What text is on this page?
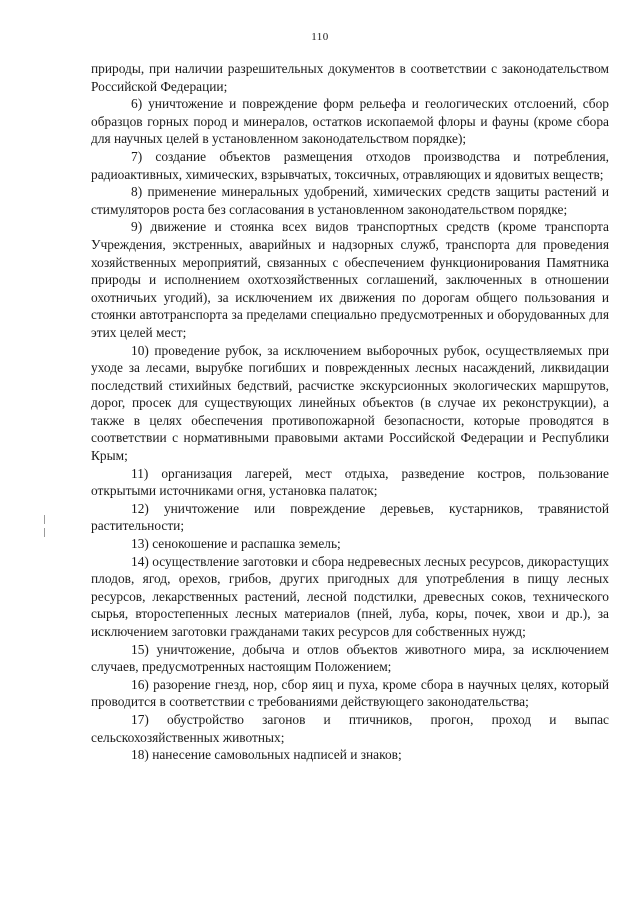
110

природы, при наличии разрешительных документов в соответствии с законодательством Российской Федерации;

6) уничтожение и повреждение форм рельефа и геологических отслоений, сбор образцов горных пород и минералов, остатков ископаемой флоры и фауны (кроме сбора для научных целей в установленном законодательством порядке);

7) создание объектов размещения отходов производства и потребления, радиоактивных, химических, взрывчатых, токсичных, отравляющих и ядовитых веществ;

8) применение минеральных удобрений, химических средств защиты растений и стимуляторов роста без согласования в установленном законодательством порядке;

9) движение и стоянка всех видов транспортных средств (кроме транспорта Учреждения, экстренных, аварийных и надзорных служб, транспорта для проведения хозяйственных мероприятий, связанных с обеспечением функционирования Памятника природы и исполнением охотхозяйственных соглашений, заключенных в отношении охотничьих угодий), за исключением их движения по дорогам общего пользования и стоянки автотранспорта за пределами специально предусмотренных и оборудованных для этих целей мест;

10) проведение рубок, за исключением выборочных рубок, осуществляемых при уходе за лесами, вырубке погибших и поврежденных лесных насаждений, ликвидации последствий стихийных бедствий, расчистке экскурсионных экологических маршрутов, дорог, просек для существующих линейных объектов (в случае их реконструкции), а также в целях обеспечения противопожарной безопасности, которые проводятся в соответствии с нормативными правовыми актами Российской Федерации и Республики Крым;

11) организация лагерей, мест отдыха, разведение костров, пользование открытыми источниками огня, установка палаток;

12) уничтожение или повреждение деревьев, кустарников, травянистой растительности;

13) сенокошение и распашка земель;

14) осуществление заготовки и сбора недревесных лесных ресурсов, дикорастущих плодов, ягод, орехов, грибов, других пригодных для употребления в пищу лесных ресурсов, лекарственных растений, лесной подстилки, древесных соков, технического сырья, второстепенных лесных материалов (пней, луба, коры, почек, хвои и др.), за исключением заготовки гражданами таких ресурсов для собственных нужд;

15) уничтожение, добыча и отлов объектов животного мира, за исключением случаев, предусмотренных настоящим Положением;

16) разорение гнезд, нор, сбор яиц и пуха, кроме сбора в научных целях, который проводится в соответствии с требованиями действующего законодательства;

17) обустройство загонов и птичников, прогон, проход и выпас сельскохозяйственных животных;

18) нанесение самовольных надписей и знаков;
